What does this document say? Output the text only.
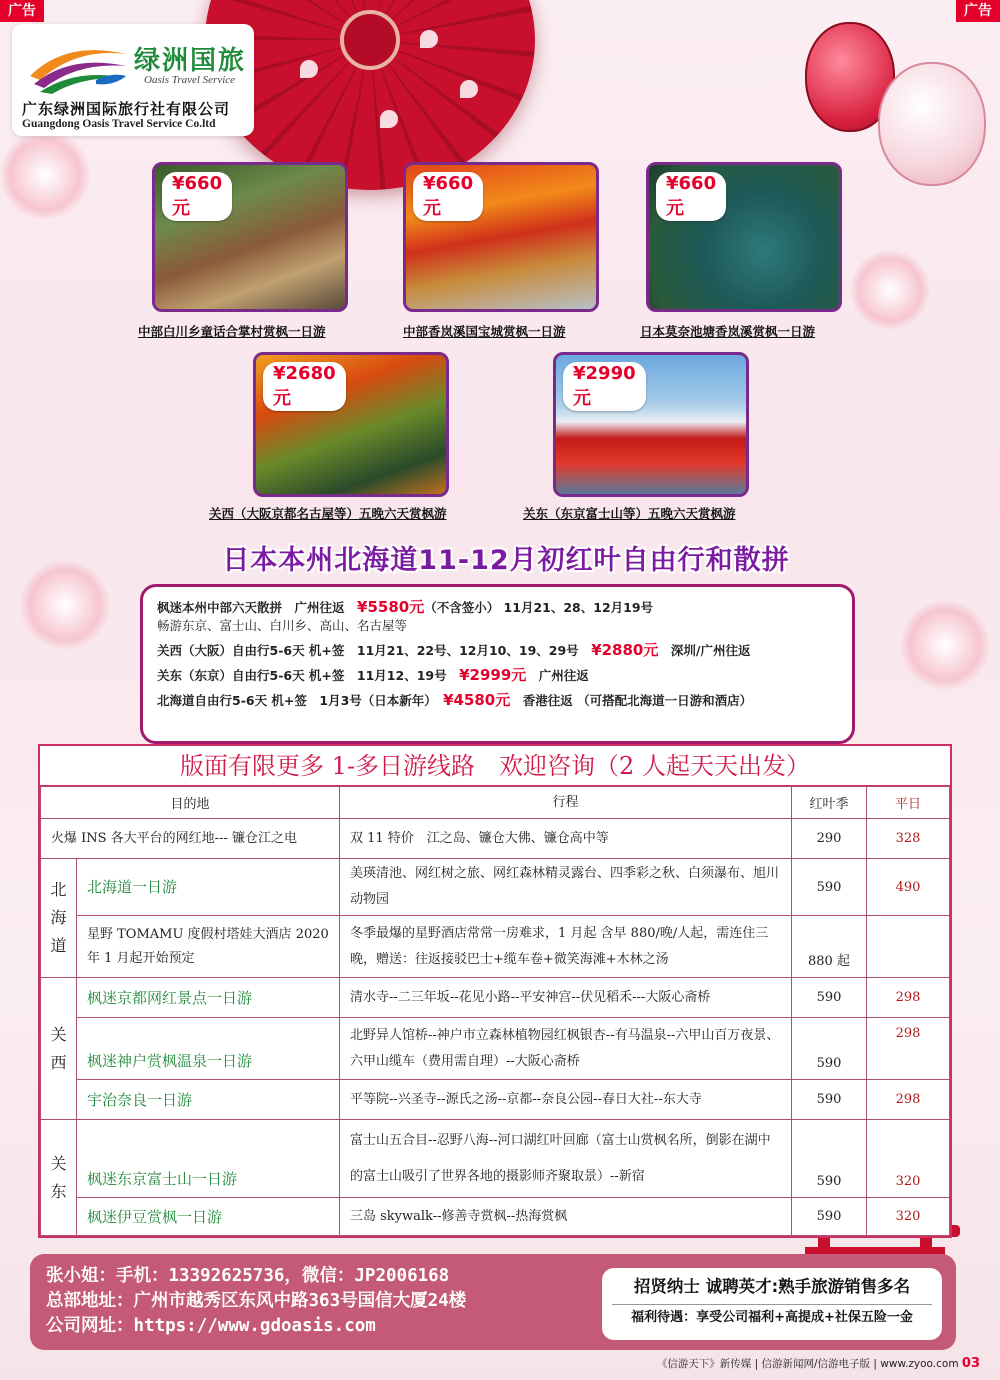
广告	广告
绿洲国旅
Oasis Travel Service
广东绿洲国际旅行社有限公司
Guangdong Oasis Travel Service Co.ltd
¥660元
中部白川乡童话合掌村赏枫一日游
¥660元
中部香岚溪国宝城赏枫一日游
¥660元
日本莫奈池塘香岚溪赏枫一日游
¥2680元
关西（大阪京都名古屋等）五晚六天赏枫游
¥2990元
关东（东京富士山等）五晚六天赏枫游
日本本州北海道11-12月初红叶自由行和散拼
枫迷本州中部六天散拼　广州往返　¥5580元（不含签小） 11月21、28、12月19号
畅游东京、富士山、白川乡、高山、名古屋等
关西（大阪）自由行5-6天 机+签　11月21、22号、12月10、19、29号　¥2880元　深圳/广州往返
关东（东京）自由行5-6天 机+签　11月12、19号　¥2999元　广州往返
北海道自由行5-6天 机+签　1月3号（日本新年）　¥4580元　香港往返 （可搭配北海道一日游和酒店）
版面有限更多 1-多日游线路　欢迎咨询（2 人起天天出发）
目的地		行程	红叶季	平日
火爆 INS 各大平台的网红地--- 镰仓江之电		双 11 特价　江之岛、镰仓大佛、镰仓高中等	290	328

北
海
道	北海道一日游	美瑛清池、网红树之旅、网红森林精灵露台、四季彩之秋、白须瀑布、旭川动物园	590	490
	星野 TOMAMU 度假村塔娃大酒店 2020 年 1 月起开始预定	冬季最爆的星野酒店常常一房难求，1 月起 含早 880/晚/人起，需连住三晚，赠送：往返接驳巴士+缆车卷+微笑海滩+木林之汤	880 起	

关
西	枫迷京都网红景点一日游	清水寺--二三年坂--花见小路--平安神宫--伏见稻禾---大阪心斋桥	590	298
	枫迷神户赏枫温泉一日游	北野异人馆桥--神户市立森林植物园红枫银杏--有马温泉--六甲山百万夜景、六甲山缆车（费用需自理）--大阪心斋桥	590	298
	宇治奈良一日游	平等院--兴圣寺--源氏之汤--京都--奈良公园--春日大社--东大寺	590	298

关
东	枫迷东京富士山一日游	富士山五合目--忍野八海--河口湖红叶回廊（富士山赏枫名所，倒影在湖中的富士山吸引了世界各地的摄影师齐聚取景）--新宿	590	320
	枫迷伊豆赏枫一日游	三岛 skywalk--修善寺赏枫--热海赏枫	590	320
张小姐：手机：13392625736，微信：JP2006168
总部地址：广州市越秀区东风中路363号国信大厦24楼
公司网址：https://www.gdoasis.com
招贤纳士 诚聘英才:熟手旅游销售多名
福利待遇：享受公司福利+高提成+社保五险一金
《信游天下》新传媒 | 信游新闻网/信游电子版 | www.zyoo.com 03
